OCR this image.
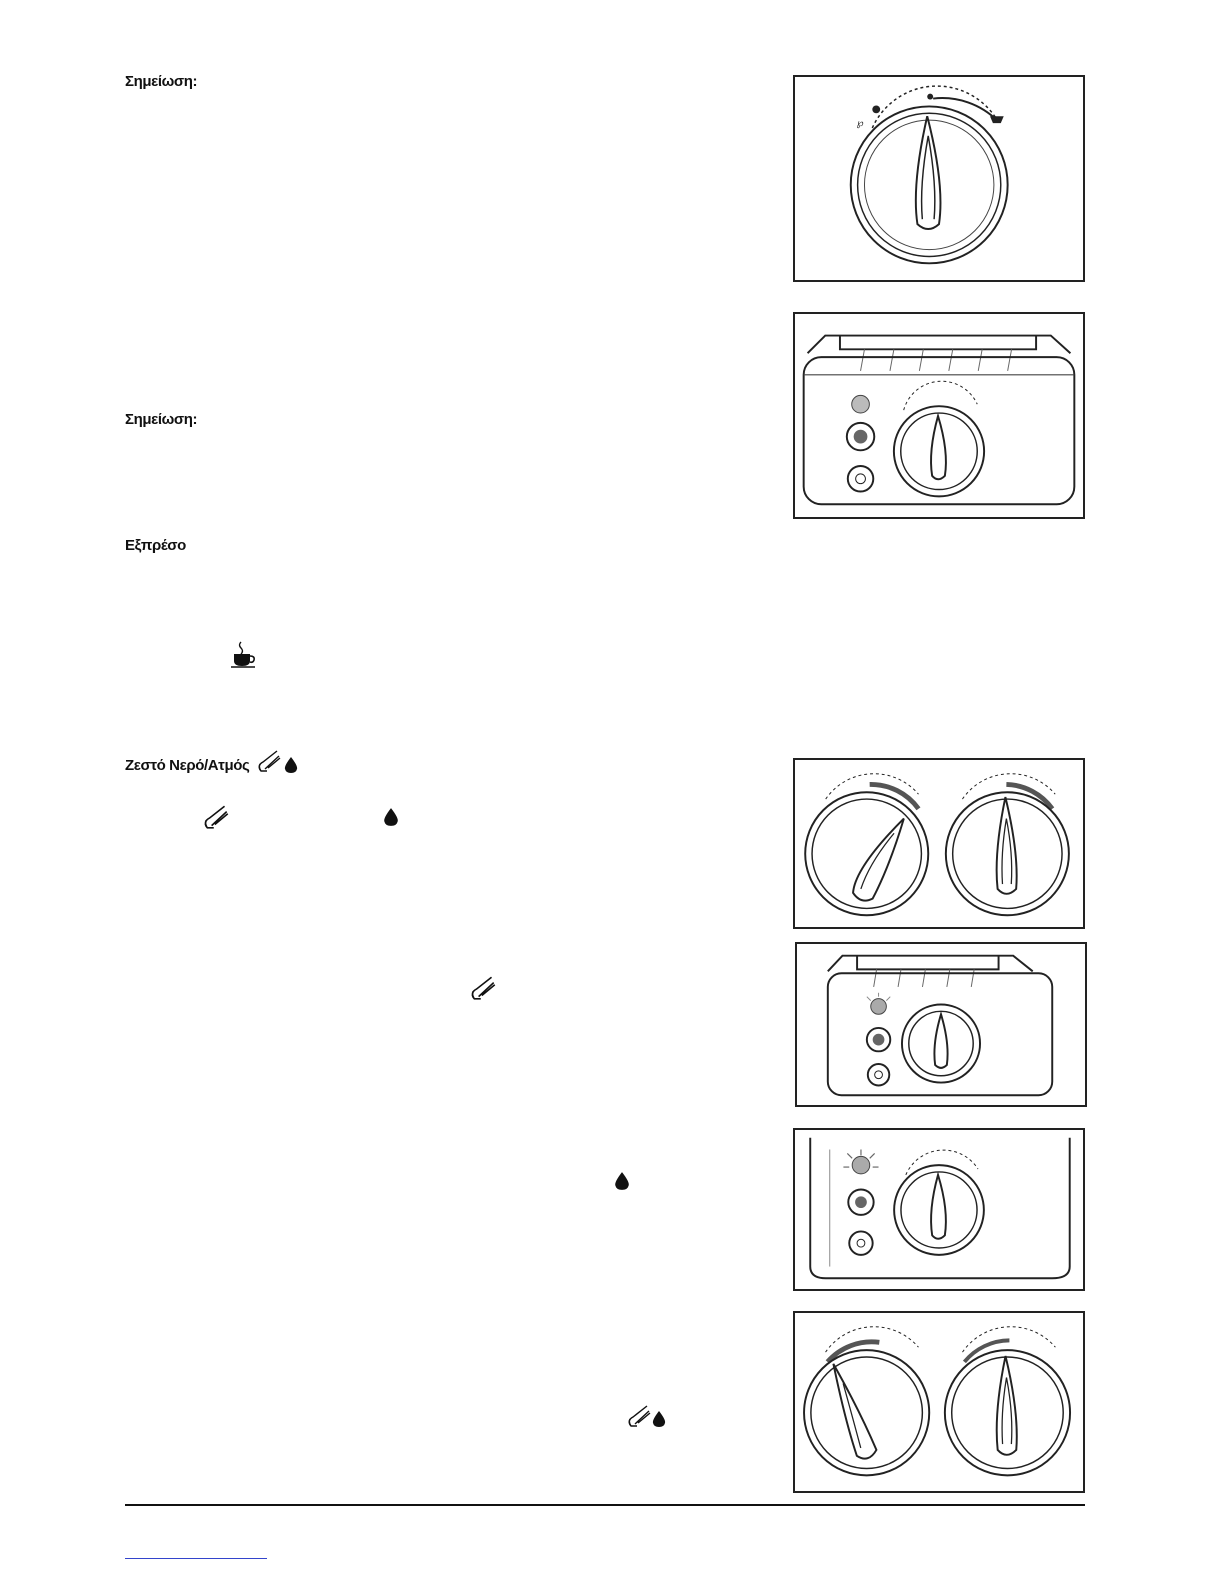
Σημείωση:
Σημείωση:
Εξπρέσο
Ζεστό Νερό/Ατμός
℘
